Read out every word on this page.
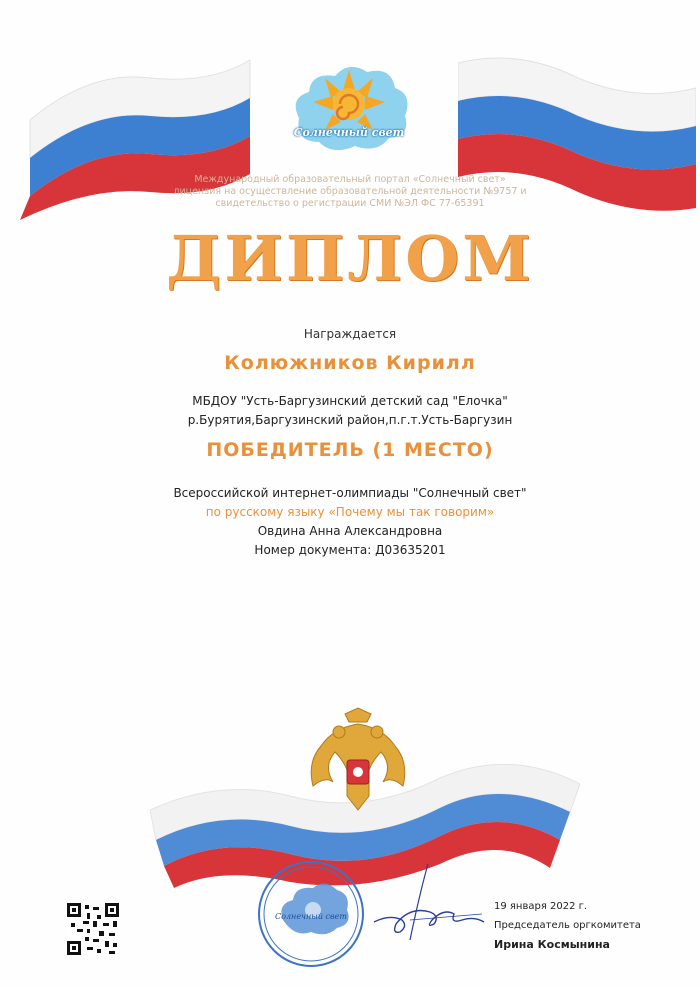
Солнечный свет
Международный образовательный портал «Солнечный свет»
лицензия на осуществление образовательной деятельности №9757 и
свидетельство о регистрации СМИ №ЭЛ ФС 77-65391
ДИПЛОМ
Награждается
Колюжников Кирилл
МБДОУ "Усть-Баргузинский детский сад "Елочка"
р.Бурятия,Баргузинский район,п.г.т.Усть-Баргузин
ПОБЕДИТЕЛЬ (1 МЕСТО)
Всероссийской интернет-олимпиады "Солнечный свет"
по русскому языку «Почему мы так говорим»
Овдина Анна Александровна
Номер документа: Д03635201
Солнечный свет
19 января 2022 г.
Председатель оргкомитета
Ирина Космынина
